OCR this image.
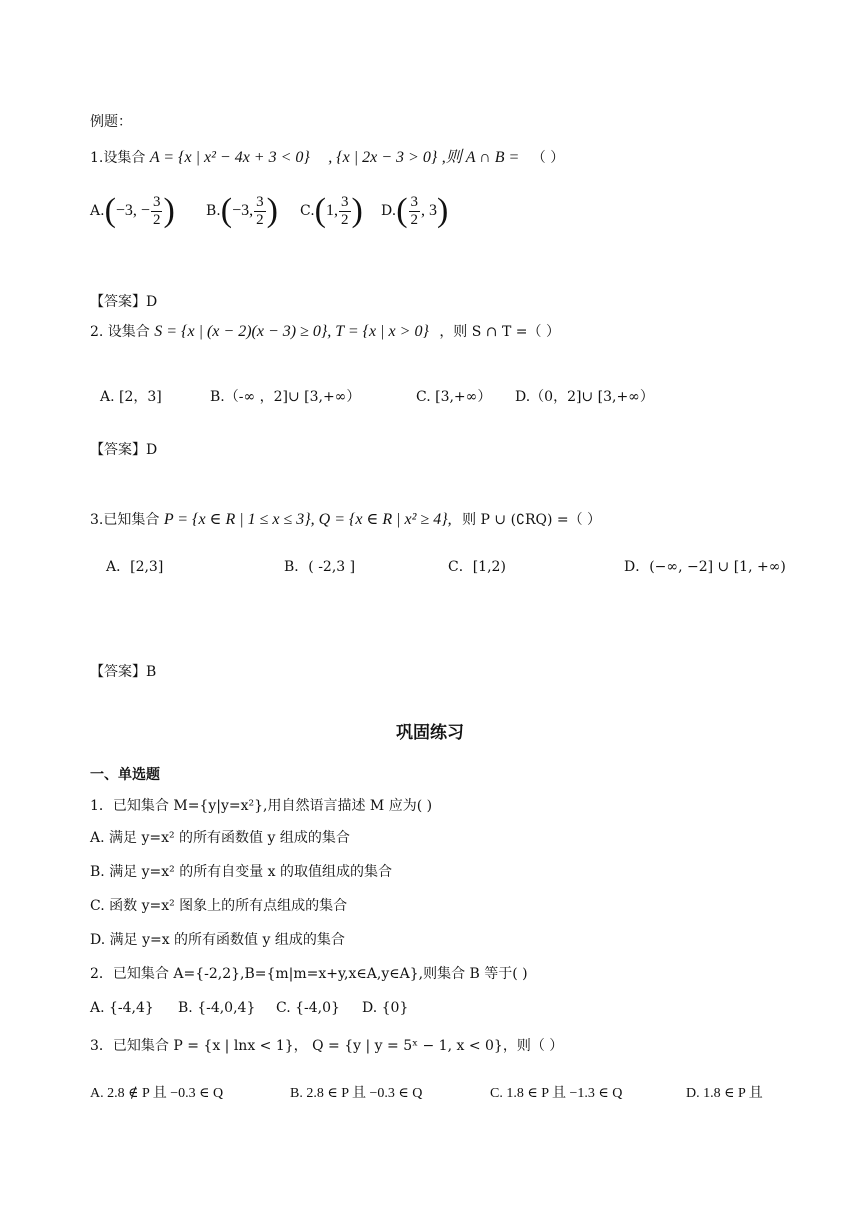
例题：
1.设集合 A = {x | x² − 4x + 3 < 0} , {x | 2x − 3 > 0} ,则 A ∩ B = （ ）
A.(−3, − $\frac{3}{2}$ ) B.(−3, $\frac{3}{2}$ ) C.(1, $\frac{3}{2}$ ) $D.( \frac{3}{2}$ , 3)
【答案】D
2. 设集合 S = {x | (x − 2)(x − 3) ≥ 0}, T = {x | x > 0} ，则 S ∩ T =（ ）
A. [2，3]	B.（-∞ ，2]∪ [3,+∞）	C. [3,+∞） D.（0，2]∪ [3,+∞）
【答案】D
3.已知集合 P = {x ∈ R | 1 ≤ x ≤ 3}, Q = {x ∈ R | x² ≥ 4}, 则 P ∪ (∁RQ) =（ ）
A．[2,3]	B．( -2,3 ]	C．[1,2)	D．(−∞, −2] ∪ [1, +∞)
【答案】B
巩固练习
一、单选题
1．已知集合 M={y|y=x²},用自然语言描述 M 应为( )
A. 满足 y=x² 的所有函数值 y 组成的集合
B. 满足 y=x² 的所有自变量 x 的取值组成的集合
C. 函数 y=x² 图象上的所有点组成的集合
D. 满足 y=x 的所有函数值 y 组成的集合
2．已知集合 A={-2,2},B={m|m=x+y,x∈A,y∈A},则集合 B 等于( )
A. {-4,4} B. {-4,0,4} C. {-4,0} D. {0}
3．已知集合 P = {x | lnx < 1}， Q = {y | y = 5ˣ − 1, x < 0}，则（ ）
A. 2.8 ∉ P 且 −0.3 ∈ Q	B. 2.8 ∈ P 且 −0.3 ∈ Q	C. 1.8 ∈ P 且 −1.3 ∈ Q	D. 1.8 ∈ P 且
